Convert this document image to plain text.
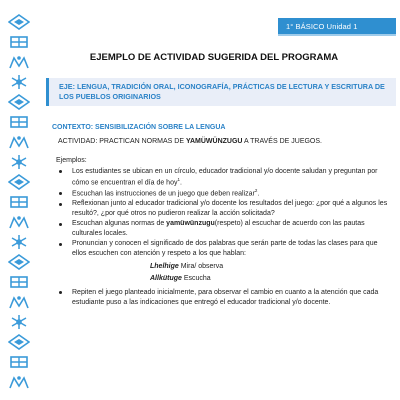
1° BÁSICO Unidad 1
EJEMPLO DE ACTIVIDAD SUGERIDA DEL PROGRAMA
EJE: LENGUA, TRADICIÓN ORAL, ICONOGRAFÍA, PRÁCTICAS DE LECTURA Y ESCRITURA DE LOS PUEBLOS ORIGINARIOS
CONTEXTO: SENSIBILIZACIÓN SOBRE LA LENGUA
ACTIVIDAD: PRACTICAN NORMAS DE YAMÜWÜNZUGU A TRAVÉS DE JUEGOS.
Ejemplos:
Los estudiantes se ubican en un círculo, educador tradicional y/o docente saludan y preguntan por cómo se encuentran el día de hoy$^1$.
Escuchan las instrucciones de un juego que deben realizar$^2$.
Reflexionan junto al educador tradicional y/o docente los resultados del juego: ¿por qué a algunos les resultó?, ¿por qué otros no pudieron realizar la acción solicitada?
Escuchan algunas normas de yamüwünzugu(respeto) al escuchar de acuerdo con las pautas culturales locales.
Pronuncian y conocen el significado de dos palabras que serán parte de todas las clases para que ellos escuchen con atención y respeto a los que hablan:
Lhelhige Mira/ observa
Allkütuge Escucha
Repiten el juego planteado inicialmente, para observar el cambio en cuanto a la atención que cada estudiante puso a las indicaciones que entregó el educador tradicional y/o docente.
